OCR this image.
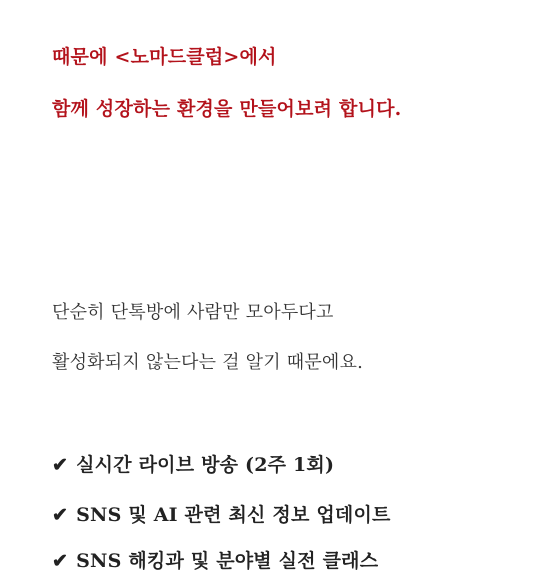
때문에 <노마드클럽>에서

함께 성장하는 환경을 만들어보려 합니다.

단순히 단톡방에 사람만 모아두다고

활성화되지 않는다는 걸 알기 때문에요.

✔ 실시간 라이브 방송 (2주 1회)

✔ SNS 및 AI 관련 최신 정보 업데이트

✔ SNS 해킹과 및 분야별 실전 클래스
